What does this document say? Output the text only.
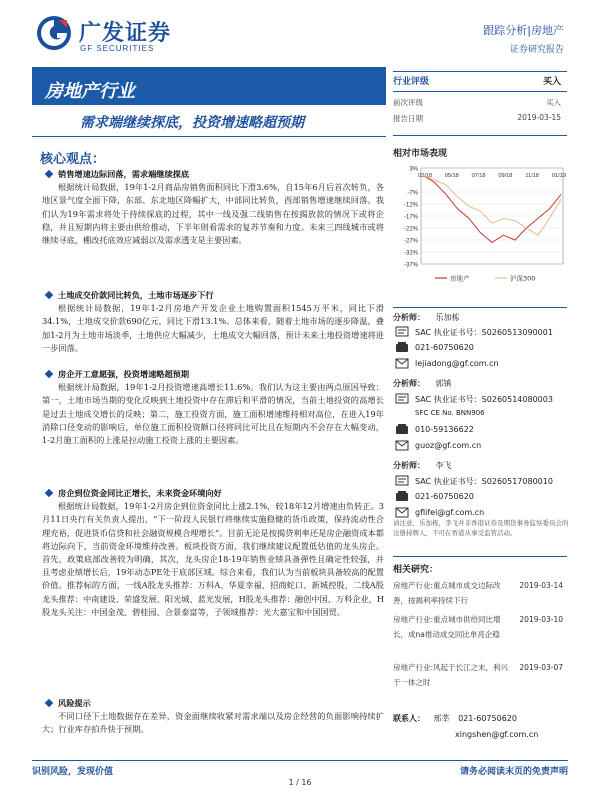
广发证券
GF SECURITIES
跟踪分析|房地产
证券研究报告
房地产行业
需求端继续探底，投资增速略超预期
核心观点：
销售增速边际回落，需求端继续探底

根据统计局数据，19年1-2月商品房销售面积同比下滑3.6%，自15年6月后首次转负，各地区景气度全面下降，东部、东北地区降幅扩大，中部同比转负，西部销售增速继续回落。我们认为19年需求将处于持续探底的过程，其中一线及强二线销售在按揭放款的情况下或将企稳，并且短期内将主要由供给推动，下半年则看需求的复苏节奏和力度。未来三四线城市或将继续寻底，棚改托底效应减弱以及需求透支是主要因素。

土地成交价款同比转负，土地市场逐步下行

根据统计局数据，19年1-2月房地产开发企业土地购置面积1545万平米，同比下滑34.1%，土地成交价款690亿元，同比下滑13.1%。总体来看，随着土地市场的逐步降温，叠加1-2月为土地市场淡季，土地供应大幅减少，土地成交大幅回落，预计未来土地投资增速将进一步回落。

房企开工意愿强，投资增速略超预期

根据统计局数据，19年1-2月投资增速高增长11.6%。我们认为这主要由两点原因导致：第一，土地市场当期的变化反映到土地投资中存在滞后和平滑的情况，当前土地投资的高增长是过去土地成交增长的反映；第二，施工投资方面，施工面积增速维持相对高位，在进入19年消除口径变动的影响后，单位施工面积投资额口径将同比可比且在短期内不会存在大幅变动，1-2月施工面积的上涨是拉动施工投资上涨的主要因素。

房企到位资金同比正增长，未来资金环境向好

根据统计局数据，19年1-2月房企到位资金同比上涨2.1%，较18年12月增速由负转正。3月11日央行有关负责人提出，“下一阶段人民银行将继续实施稳健的货币政策，保持流动性合理充裕，促进货币信贷和社会融资规模合理增长”。目前无论是按揭贷利率还是房企融资成本都将边际向下，当前资金环境维持改善。板块投资方面，我们继续建议配置低估值的龙头房企。首先，政策底部改善较为明确，其次，龙头房企18-19年销售业绩具备弹性且确定性较强，并且考虑业绩增长后，19年动态PE处于底部区域。综合来看，我们认为当前板块具备较高的配置价值。推荐标的方面，一线A股龙头推荐：万科A、华夏幸福、招商蛇口、新城控股，二线A股龙头推荐：中南建设、荣盛发展、阳光城、蓝光发展，H股龙头推荐：融创中国、万科企业，H股龙头关注：中国金茂、碧桂园、合景泰富等，子领域推荐：光大嘉宝和中国国贸。

风险提示

不同口径下土地数据存在差异，资金面继续收紧对需求端以及房企经营的负面影响持续扩大；行业库存拍升快于预期。

行业评级	买入
前次评级	买入
报告日期	2019-03-15
相对市场表现
3%
-7%
-12%
-17%
-22%
-27%
-32%
-37%
03/18 05/18 07/18 09/18 11/18 01/19
房地产	沪深300
分析师： 乐加栋
SAC 执业证书号：S0260513090001
021-60750620
lejiadong@gf.com.cn
分析师： 郭镇
SAC 执业证书号：S0260514080003
SFC CE No. BNN906
010-59136622
guoz@gf.com.cn
分析师： 李飞
SAC 执业证书号：S0260517080010
021-60750620
gflifei@gf.com.cn
请注意，乐加栋，李飞并非香港证券及期货事务监察委员会的注册持牌人，不可在香港从事受监管活动。
相关研究：
房地产行业:重点城市成交边际改善，按揭利率持续下行
2019-03-14
房地产行业:重点城市供给同比增长，成na推动成交同比单亮企稳
2019-03-10
房地产行业:风起于长江之末，利兴于一体之时
2019-03-07
联系人： 邢莘 021-60750620
xingshen@gf.com.cn
识别风险，发现价值	请务必阅读末页的免责声明
1 / 16
